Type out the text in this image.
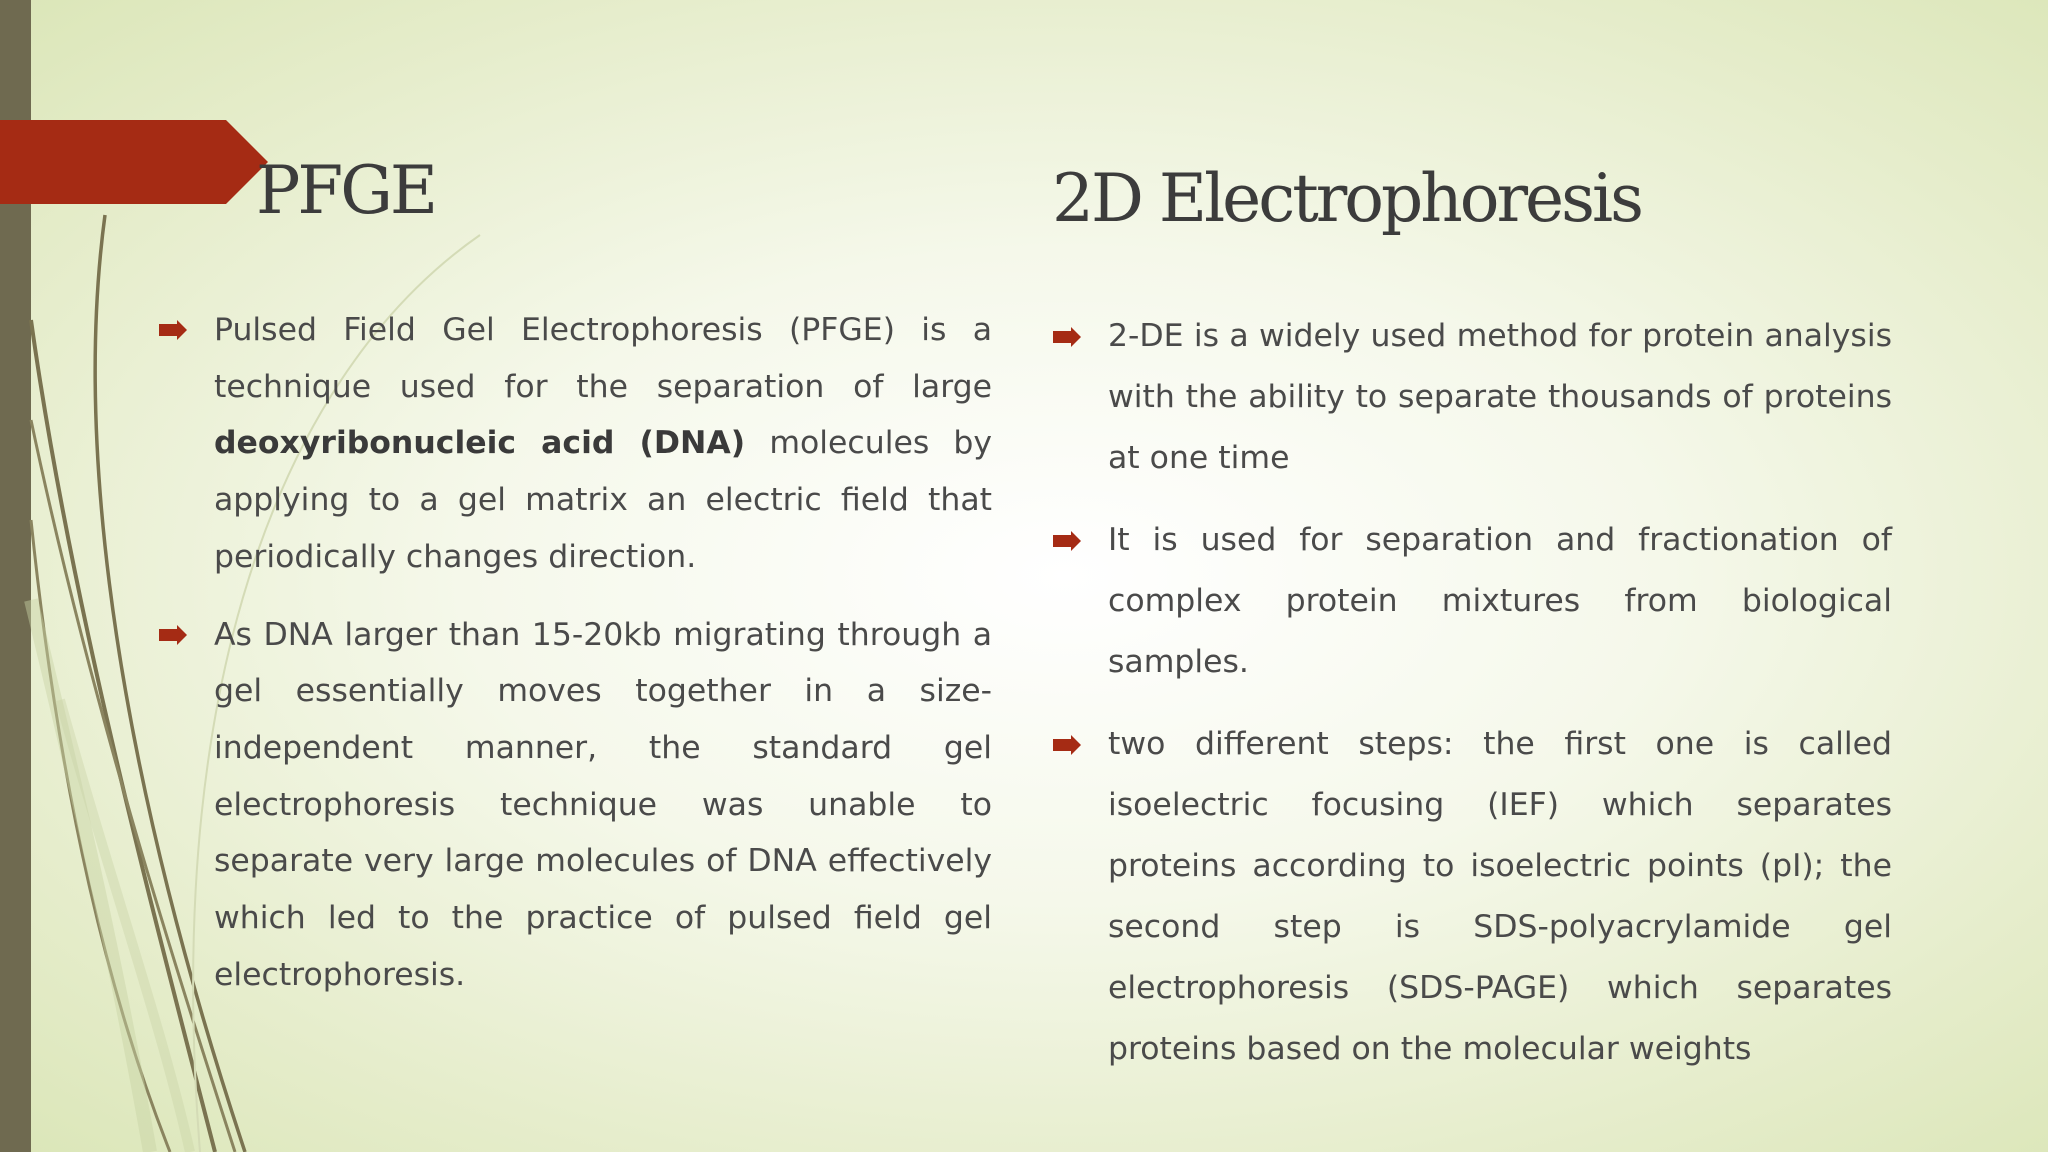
PFGE	2D Electrophoresis

Pulsed Field Gel Electrophoresis (PFGE) is a technique used for the separation of large deoxyribonucleic acid (DNA) molecules by applying to a gel matrix an electric field that periodically changes direction.

As DNA larger than 15-20kb migrating through a gel essentially moves together in a size-independent manner, the standard gel electrophoresis technique was unable to separate very large molecules of DNA effectively which led to the practice of pulsed field gel electrophoresis.

2-DE is a widely used method for protein analysis with the ability to separate thousands of proteins at one time

It is used for separation and fractionation of complex protein mixtures from biological samples.

two different steps: the first one is called isoelectric focusing (IEF) which separates proteins according to isoelectric points (pI); the second step is SDS-polyacrylamide gel electrophoresis (SDS-PAGE) which separates proteins based on the molecular weights
